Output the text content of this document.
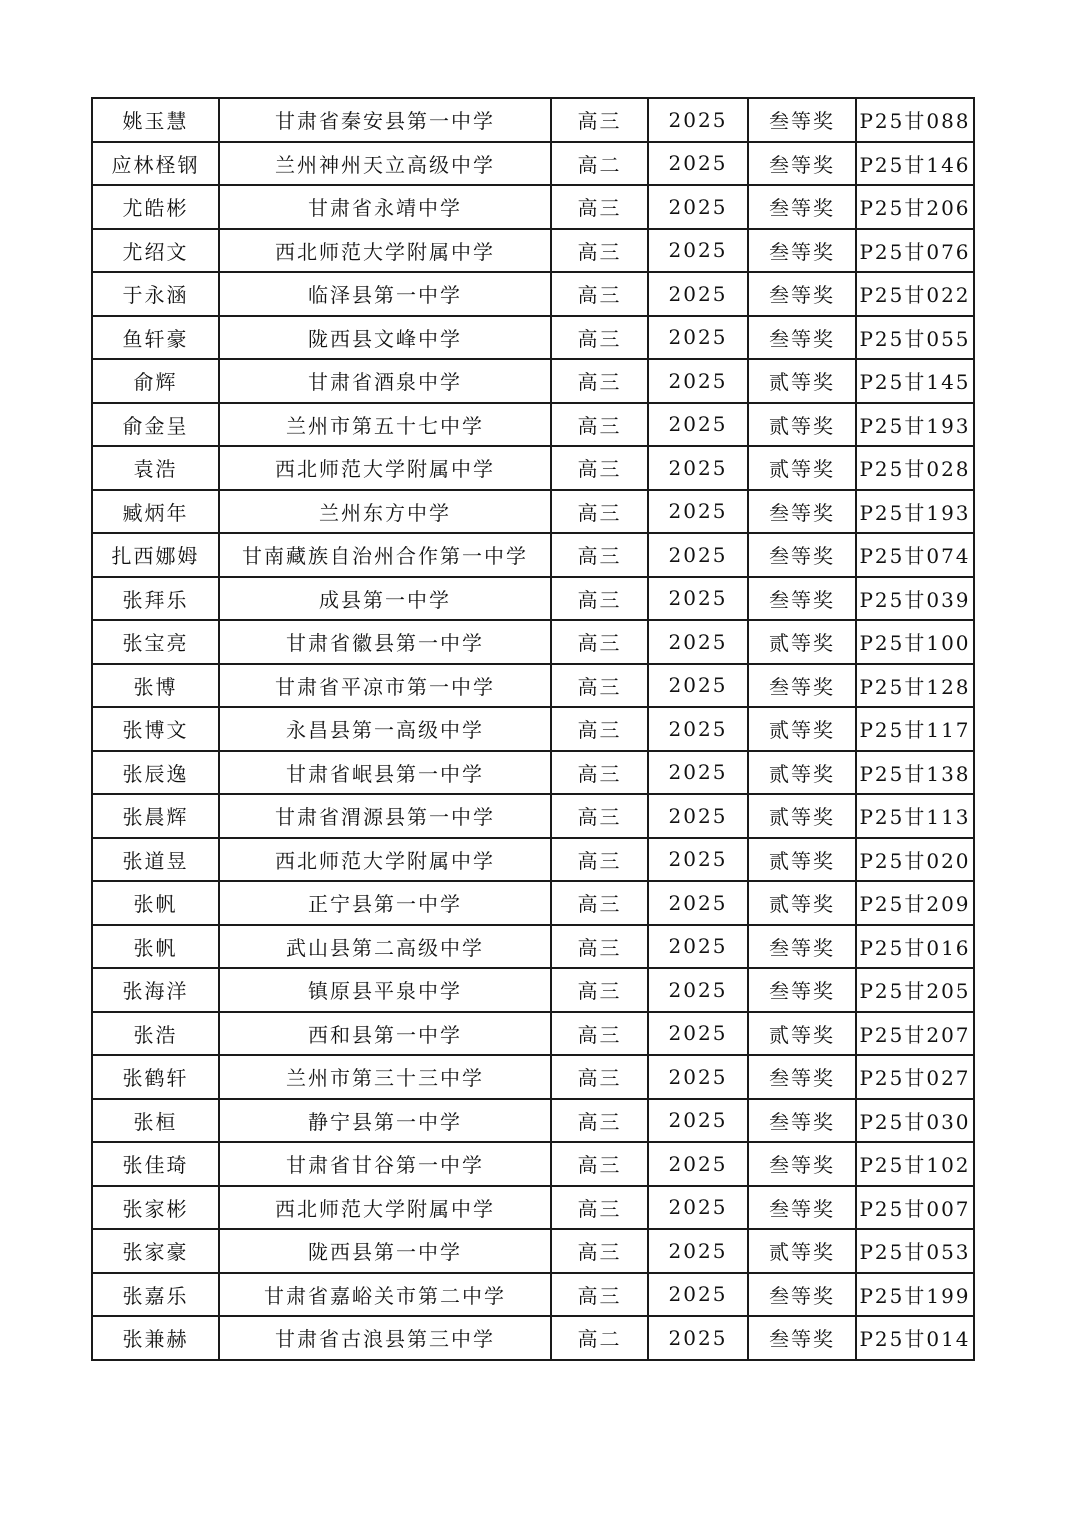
姚玉慧	甘肃省秦安县第一中学	高三	2025	叁等奖	P25甘088
应林柽钢	兰州神州天立高级中学	高二	2025	叁等奖	P25甘146
尤皓彬	甘肃省永靖中学	高三	2025	叁等奖	P25甘206
尤绍文	西北师范大学附属中学	高三	2025	叁等奖	P25甘076
于永涵	临泽县第一中学	高三	2025	叁等奖	P25甘022
鱼轩豪	陇西县文峰中学	高三	2025	叁等奖	P25甘055
俞辉	甘肃省酒泉中学	高三	2025	贰等奖	P25甘145
俞金呈	兰州市第五十七中学	高三	2025	贰等奖	P25甘193
袁浩	西北师范大学附属中学	高三	2025	贰等奖	P25甘028
臧炳年	兰州东方中学	高三	2025	叁等奖	P25甘193
扎西娜姆	甘南藏族自治州合作第一中学	高三	2025	叁等奖	P25甘074
张拜乐	成县第一中学	高三	2025	叁等奖	P25甘039
张宝亮	甘肃省徽县第一中学	高三	2025	贰等奖	P25甘100
张博	甘肃省平凉市第一中学	高三	2025	叁等奖	P25甘128
张博文	永昌县第一高级中学	高三	2025	贰等奖	P25甘117
张辰逸	甘肃省岷县第一中学	高三	2025	贰等奖	P25甘138
张晨辉	甘肃省渭源县第一中学	高三	2025	贰等奖	P25甘113
张道昱	西北师范大学附属中学	高三	2025	贰等奖	P25甘020
张帆	正宁县第一中学	高三	2025	贰等奖	P25甘209
张帆	武山县第二高级中学	高三	2025	叁等奖	P25甘016
张海洋	镇原县平泉中学	高三	2025	叁等奖	P25甘205
张浩	西和县第一中学	高三	2025	贰等奖	P25甘207
张鹤轩	兰州市第三十三中学	高三	2025	叁等奖	P25甘027
张桓	静宁县第一中学	高三	2025	叁等奖	P25甘030
张佳琦	甘肃省甘谷第一中学	高三	2025	叁等奖	P25甘102
张家彬	西北师范大学附属中学	高三	2025	叁等奖	P25甘007
张家豪	陇西县第一中学	高三	2025	贰等奖	P25甘053
张嘉乐	甘肃省嘉峪关市第二中学	高三	2025	叁等奖	P25甘199
张兼赫	甘肃省古浪县第三中学	高二	2025	叁等奖	P25甘014
